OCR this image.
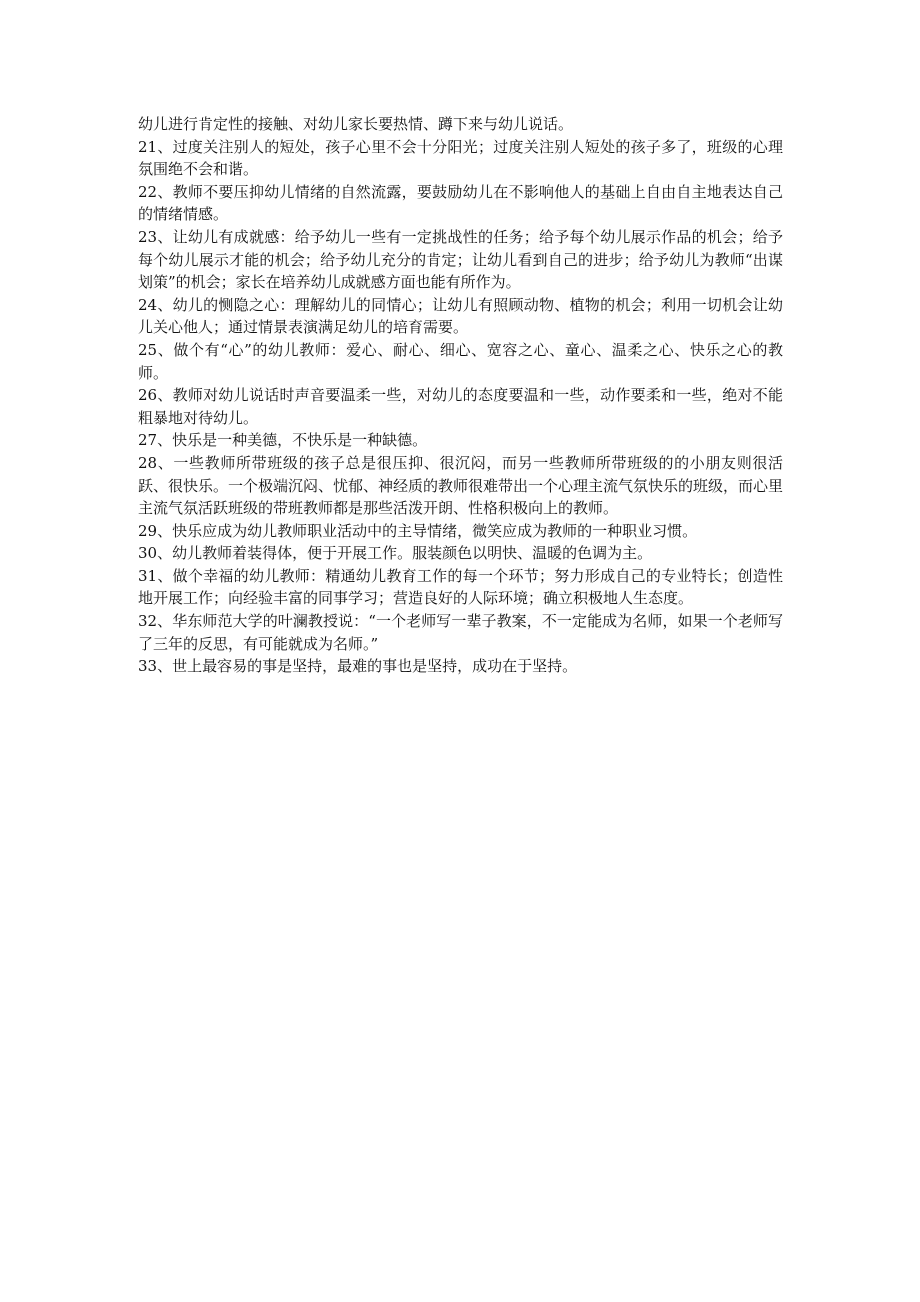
幼儿进行肯定性的接触、对幼儿家长要热情、蹲下来与幼儿说话。

21、过度关注别人的短处，孩子心里不会十分阳光；过度关注别人短处的孩子多了，班级的心理氛围绝不会和谐。

22、教师不要压抑幼儿情绪的自然流露，要鼓励幼儿在不影响他人的基础上自由自主地表达自己的情绪情感。

23、让幼儿有成就感：给予幼儿一些有一定挑战性的任务；给予每个幼儿展示作品的机会；给予每个幼儿展示才能的机会；给予幼儿充分的肯定；让幼儿看到自己的进步；给予幼儿为教师“出谋划策”的机会；家长在培养幼儿成就感方面也能有所作为。

24、幼儿的恻隐之心：理解幼儿的同情心；让幼儿有照顾动物、植物的机会；利用一切机会让幼儿关心他人；通过情景表演满足幼儿的培育需要。

25、做个有“心”的幼儿教师：爱心、耐心、细心、宽容之心、童心、温柔之心、快乐之心的教师。

26、教师对幼儿说话时声音要温柔一些，对幼儿的态度要温和一些，动作要柔和一些，绝对不能粗暴地对待幼儿。

27、快乐是一种美德，不快乐是一种缺德。

28、一些教师所带班级的孩子总是很压抑、很沉闷，而另一些教师所带班级的的小朋友则很活跃、很快乐。一个极端沉闷、忧郁、神经质的教师很难带出一个心理主流气氛快乐的班级，而心里主流气氛活跃班级的带班教师都是那些活泼开朗、性格积极向上的教师。

29、快乐应成为幼儿教师职业活动中的主导情绪，微笑应成为教师的一种职业习惯。

30、幼儿教师着装得体，便于开展工作。服装颜色以明快、温暖的色调为主。

31、做个幸福的幼儿教师：精通幼儿教育工作的每一个环节；努力形成自己的专业特长；创造性地开展工作；向经验丰富的同事学习；营造良好的人际环境；确立积极地人生态度。

32、华东师范大学的叶澜教授说：“一个老师写一辈子教案，不一定能成为名师，如果一个老师写了三年的反思，有可能就成为名师。”

33、世上最容易的事是坚持，最难的事也是坚持，成功在于坚持。
